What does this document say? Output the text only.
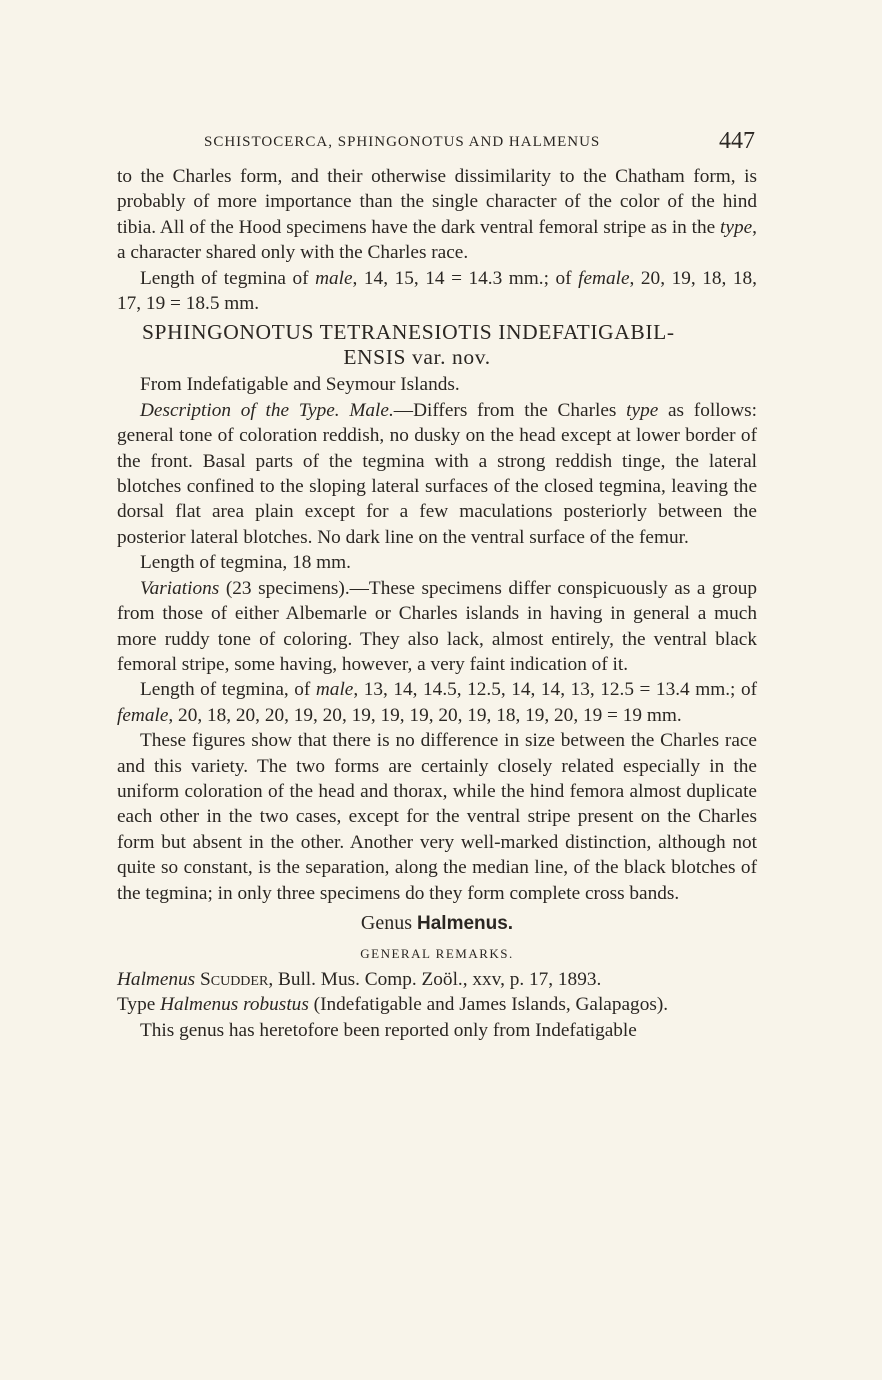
SCHISTOCERCA, SPHINGONOTUS AND HALMENUS	447

to the Charles form, and their otherwise dissimilarity to the Chatham form, is probably of more importance than the single character of the color of the hind tibia. All of the Hood specimens have the dark ventral femoral stripe as in the type, a character shared only with the Charles race.

Length of tegmina of male, 14, 15, 14 = 14.3 mm.; of female, 20, 19, 18, 18, 17, 19 = 18.5 mm.

SPHINGONOTUS TETRANESIOTIS INDEFATIGABIL-
ENSIS var. nov.

From Indefatigable and Seymour Islands.

Description of the Type. Male.—Differs from the Charles type as follows: general tone of coloration reddish, no dusky on the head except at lower border of the front. Basal parts of the tegmina with a strong reddish tinge, the lateral blotches confined to the sloping lateral surfaces of the closed tegmina, leaving the dorsal flat area plain except for a few maculations posteriorly between the posterior lateral blotches. No dark line on the ventral surface of the femur.

Length of tegmina, 18 mm.

Variations (23 specimens).—These specimens differ conspicuously as a group from those of either Albemarle or Charles islands in having in general a much more ruddy tone of coloring. They also lack, almost entirely, the ventral black femoral stripe, some having, however, a very faint indication of it.

Length of tegmina, of male, 13, 14, 14.5, 12.5, 14, 14, 13, 12.5 = 13.4 mm.; of female, 20, 18, 20, 20, 19, 20, 19, 19, 19, 20, 19, 18, 19, 20, 19 = 19 mm.

These figures show that there is no difference in size between the Charles race and this variety. The two forms are certainly closely related especially in the uniform coloration of the head and thorax, while the hind femora almost duplicate each other in the two cases, except for the ventral stripe present on the Charles form but absent in the other. Another very well-marked distinction, although not quite so constant, is the separation, along the median line, of the black blotches of the tegmina; in only three specimens do they form complete cross bands.

Genus Halmenus.
GENERAL REMARKS.

Halmenus Scudder, Bull. Mus. Comp. Zoöl., xxv, p. 17, 1893.

Type Halmenus robustus (Indefatigable and James Islands, Galapagos).

This genus has heretofore been reported only from Indefatigable
